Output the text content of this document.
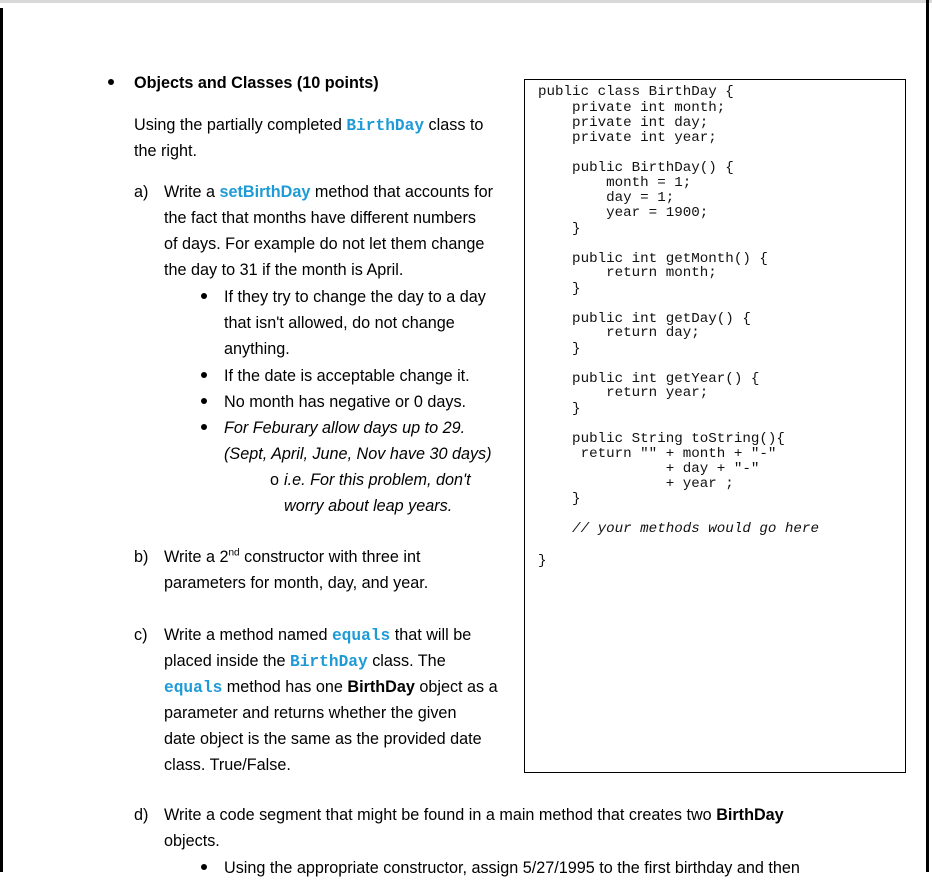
Objects and Classes (10 points)
Using the partially completed BirthDay class to
the right.
a) Write a setBirthDay method that accounts for
the fact that months have different numbers
of days. For example do not let them change
the day to 31 if the month is April.
If they try to change the day to a day
that isn't allowed, do not change
anything.
If the date is acceptable change it.
No month has negative or 0 days.
For Feburary allow days up to 29.
(Sept, April, June, Nov have 30 days)
o i.e. For this problem, don't
worry about leap years.
b) Write a 2nd constructor with three int
parameters for month, day, and year.
c) Write a method named equals that will be
placed inside the BirthDay class. The
equals method has one BirthDay object as a
parameter and returns whether the given
date object is the same as the provided date
class. True/False.
d) Write a code segment that might be found in a main method that creates two BirthDay
objects.
Using the appropriate constructor, assign 5/27/1995 to the first birthday and then
public class BirthDay {
private int month;
private int day;
private int year;
public BirthDay() {
month = 1;
day = 1;
year = 1900;
}
public int getMonth() {
return month;
}
public int getDay() {
return day;
}
public int getYear() {
return year;
}
public String toString(){
return "" + month + "-"
+ day + "-"
+ year ;
}
// your methods would go here
}
